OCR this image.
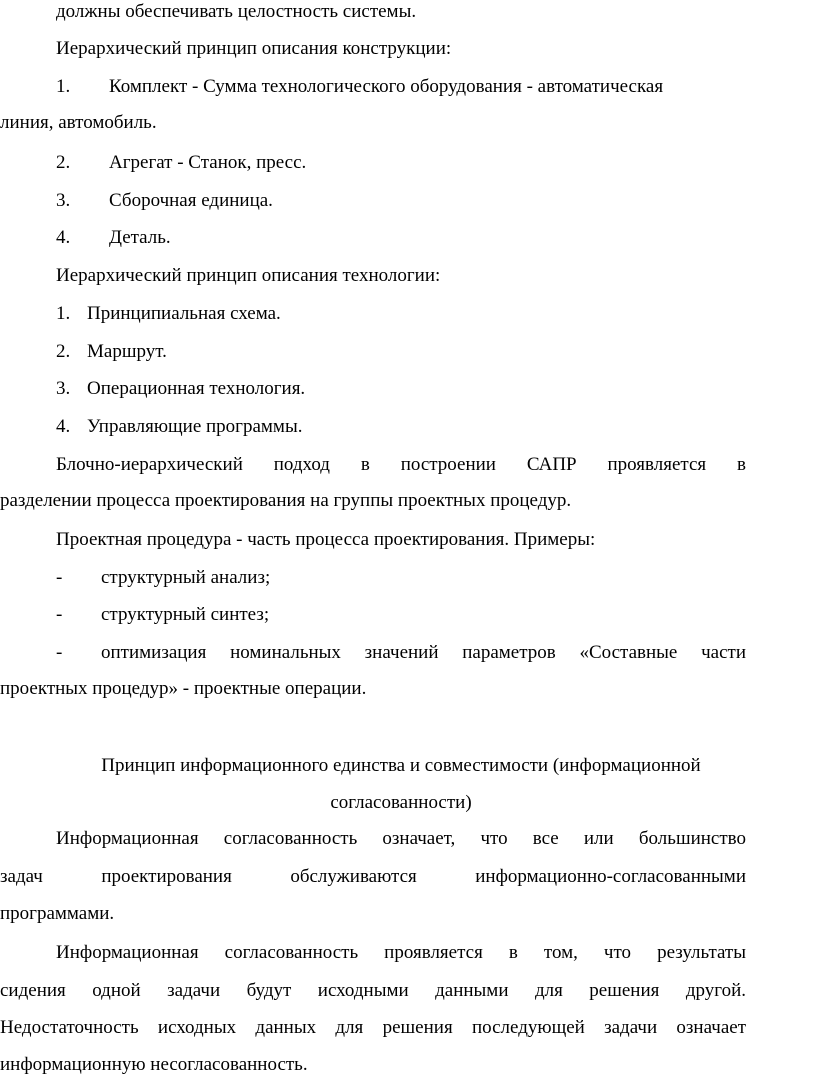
должны обеспечивать целостность системы.
Иерархический принцип описания конструкции:
1. Комплект - Сумма технологического оборудования - автоматическая
линия, автомобиль.
2. Агрегат - Станок, пресс.
3. Сборочная единица.
4. Деталь.
Иерархический принцип описания технологии:
1. Принципиальная схема.
2. Маршрут.
3. Операционная технология.
4. Управляющие программы.
Блочно-иерархический подход в построении САПР проявляется в
разделении процесса проектирования на группы проектных процедур.
Проектная процедура - часть процесса проектирования. Примеры:
- структурный анализ;
- структурный синтез;
- оптимизация номинальных значений параметров «Составные части
проектных процедур» - проектные операции.
Принцип информационного единства и совместимости (информационной
согласованности)
Информационная согласованность означает, что все или большинство
задач проектирования обслуживаются информационно-согласованными
программами.
Информационная согласованность проявляется в том, что результаты
сидения одной задачи будут исходными данными для решения другой.
Недостаточность исходных данных для решения последующей задачи означает
информационную несогласованность.
